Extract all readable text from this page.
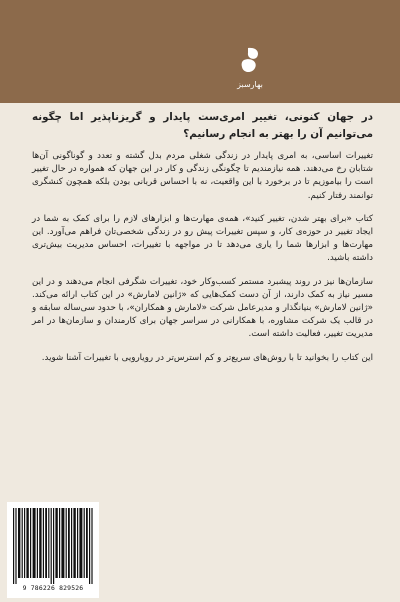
بهارسبز

در جهان کنونی، تغییر امری‌ست پایدار و گریزناپذیر اما چگونه می‌توانیم آن را بهتر به انجام رسانیم؟

تغییرات اساسی، به امری پایدار در زندگی شغلی مردم بدل گشته و تعدد و گوناگونی آن‌ها شتابان رخ می‌دهند. همه نیازمندیم تا چگونگی زندگی و کار در این جهان که همواره در حال تغییر است را بیاموزیم تا در برخورد با این واقعیت، نه با احساس قربانی بودن بلکه همچون کنشگری توانمند رفتار کنیم.

کتاب «برای بهتر شدن، تغییر کنید»، همه‌ی مهارت‌ها و ابزارهای لازم را برای کمک به شما در ایجاد تغییر در حوزه‌ی کار، و سپس تغییرات پیش رو در زندگی شخصی‌تان فراهم می‌آورد. این مهارت‌ها و ابزارها شما را یاری می‌دهد تا در مواجهه با تغییرات، احساس مدیریت بیش‌تری داشته باشید.

سازمان‌ها نیز در روند پیشبرد مستمر کسب‌وکار خود، تغییرات شگرفی انجام می‌دهند و در این مسیر نیاز به کمک دارند، از آن دست کمک‌هایی که «ژانین لامارش» در این کتاب ارائه می‌کند. «ژانین لامارش» بنیانگذار و مدیرعامل شرکت «لامارش و همکاران»، با حدود سی‌ساله سابقه و در قالب یک شرکت مشاوره، با همکارانی در سراسر جهان برای کارمندان و سازمان‌ها در امر مدیریت تغییر، فعالیت داشته است.

این کتاب را بخوانید تا با روش‌های سریع‌تر و کم استرس‌تر در رویارویی با تغییرات آشنا شوید.

9 786226 829526
